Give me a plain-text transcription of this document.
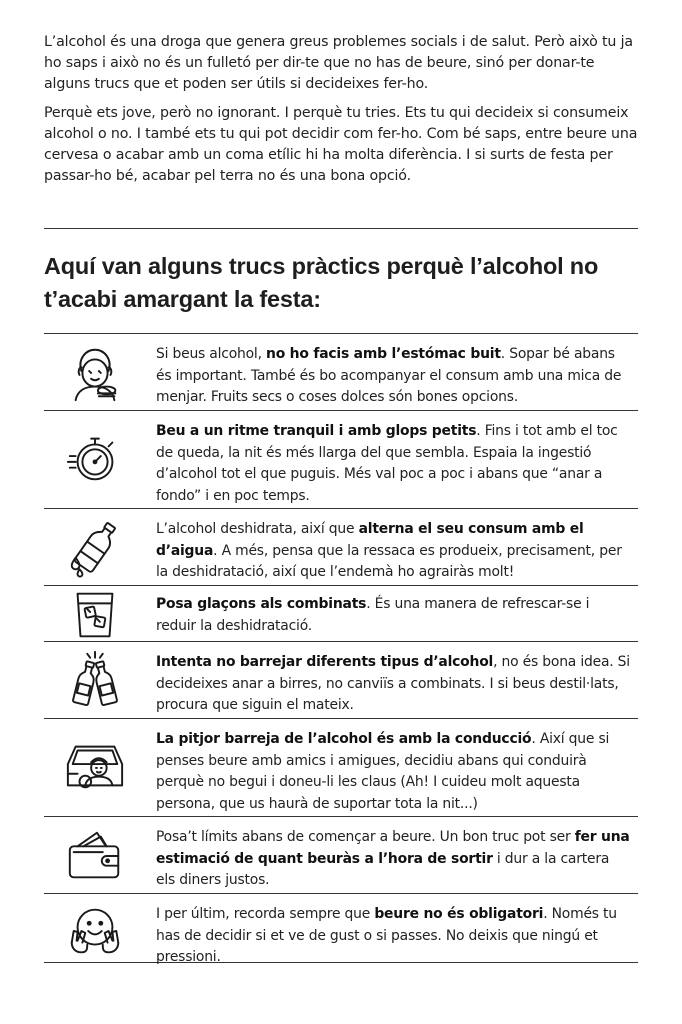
L’alcohol és una droga que genera greus problemes socials i de salut. Però això tu ja ho saps i això no és un fulletó per dir-te que no has de beure, sinó per donar-te alguns trucs que et poden ser útils si decideixes fer-ho.

Perquè ets jove, però no ignorant. I perquè tu tries. Ets tu qui decideix si consumeix alcohol o no. I també ets tu qui pot decidir com fer-ho. Com bé saps, entre beure una cervesa o acabar amb un coma etílic hi ha molta diferència. I si surts de festa per passar-ho bé, acabar pel terra no és una bona opció.

Aquí van alguns trucs pràctics perquè l’alcohol no t’acabi amargant la festa:
Si beus alcohol, no ho facis amb l’estómac buit. Sopar bé abans és important. També és bo acompanyar el consum amb una mica de menjar. Fruits secs o coses dolces són bones opcions.
Beu a un ritme tranquil i amb glops petits. Fins i tot amb el toc de queda, la nit és més llarga del que sembla. Espaia la ingestió d’alcohol tot el que puguis. Més val poc a poc i abans que “anar a fondo” i en poc temps.
L’alcohol deshidrata, així que alterna el seu consum amb el d’aigua. A més, pensa que la ressaca es produeix, precisament, per la deshidratació, així que l’endemà ho agrairàs molt!
Posa glaçons als combinats. És una manera de refrescar-se i reduir la deshidratació.
Intenta no barrejar diferents tipus d’alcohol, no és bona idea. Si decideixes anar a birres, no canviïs a combinats. I si beus destil·lats, procura que siguin el mateix.
La pitjor barreja de l’alcohol és amb la conducció. Així que si penses beure amb amics i amigues, decidiu abans qui conduirà perquè no begui i doneu-li les claus (Ah! I cuideu molt aquesta persona, que us haurà de suportar tota la nit...)
Posa’t límits abans de començar a beure. Un bon truc pot ser fer una estimació de quant beuràs a l’hora de sortir i dur a la cartera els diners justos.
I per últim, recorda sempre que beure no és obligatori. Només tu has de decidir si et ve de gust o si passes. No deixis que ningú et pressioni.
